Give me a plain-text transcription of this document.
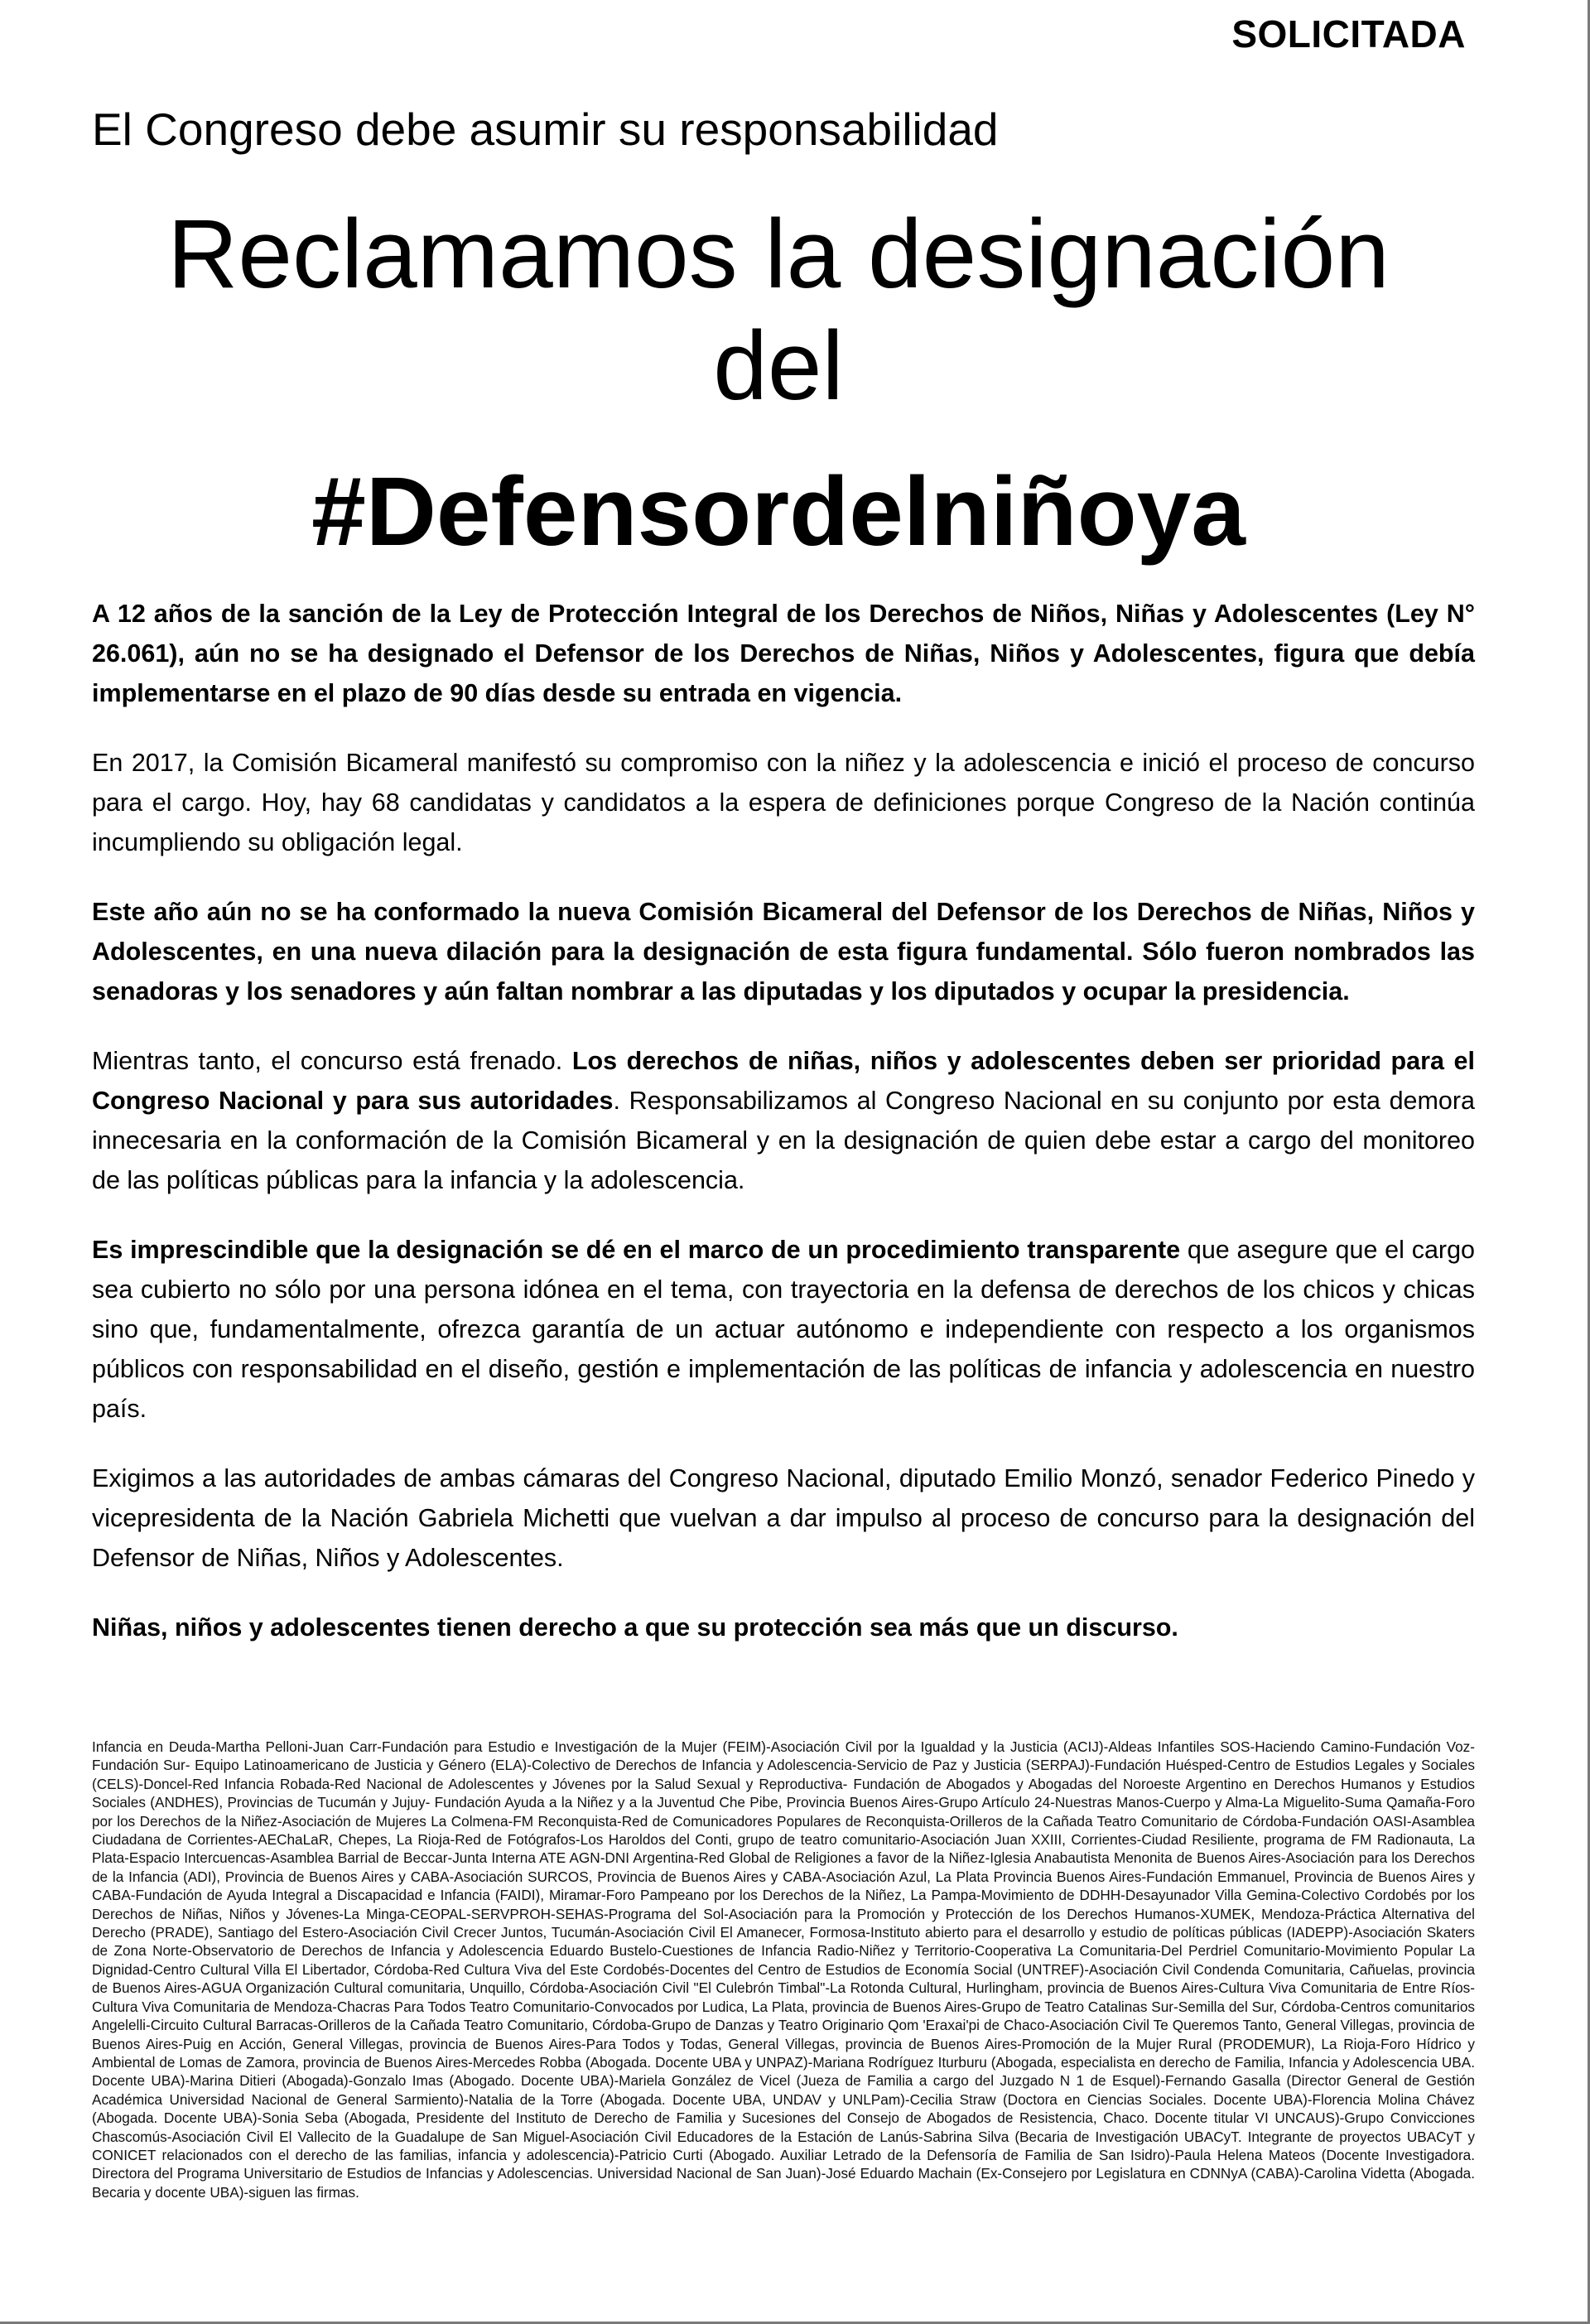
SOLICITADA
El Congreso debe asumir su responsabilidad
Reclamamos la designación
del
#Defensordelniñoya

A 12 años de la sanción de la Ley de Protección Integral de los Derechos de Niños, Niñas y Adolescentes (Ley N° 26.061), aún no se ha designado el Defensor de los Derechos de Niñas, Niños y Adolescentes, figura que debía implementarse en el plazo de 90 días desde su entrada en vigencia.

En 2017, la Comisión Bicameral manifestó su compromiso con la niñez y la adolescencia e inició el proceso de concurso para el cargo. Hoy, hay 68 candidatas y candidatos a la espera de definiciones porque Congreso de la Nación continúa incumpliendo su obligación legal.

Este año aún no se ha conformado la nueva Comisión Bicameral del Defensor de los Derechos de Niñas, Niños y Adolescentes, en una nueva dilación para la designación de esta figura fundamental. Sólo fueron nombrados las senadoras y los senadores y aún faltan nombrar a las diputadas y los diputados y ocupar la presidencia.

Mientras tanto, el concurso está frenado. Los derechos de niñas, niños y adolescentes deben ser prioridad para el Congreso Nacional y para sus autoridades. Responsabilizamos al Congreso Nacional en su conjunto por esta demora innecesaria en la conformación de la Comisión Bicameral y en la designación de quien debe estar a cargo del monitoreo de las políticas públicas para la infancia y la adolescencia.

Es imprescindible que la designación se dé en el marco de un procedimiento transparente que asegure que el cargo sea cubierto no sólo por una persona idónea en el tema, con trayectoria en la defensa de derechos de los chicos y chicas sino que, fundamentalmente, ofrezca garantía de un actuar autónomo e independiente con respecto a los organismos públicos con responsabilidad en el diseño, gestión e implementación de las políticas de infancia y adolescencia en nuestro país.

Exigimos a las autoridades de ambas cámaras del Congreso Nacional, diputado Emilio Monzó, senador Federico Pinedo y vicepresidenta de la Nación Gabriela Michetti que vuelvan a dar impulso al proceso de concurso para la designación del Defensor de Niñas, Niños y Adolescentes.

Niñas, niños y adolescentes tienen derecho a que su protección sea más que un discurso.

Infancia en Deuda-Martha Pelloni-Juan Carr-Fundación para Estudio e Investigación de la Mujer (FEIM)-Asociación Civil por la Igualdad y la Justicia (ACIJ)-Aldeas Infantiles SOS-Haciendo Camino-Fundación Voz-Fundación Sur- Equipo Latinoamericano de Justicia y Género (ELA)-Colectivo de Derechos de Infancia y Adolescencia-Servicio de Paz y Justicia (SERPAJ)-Fundación Huésped-Centro de Estudios Legales y Sociales (CELS)-Doncel-Red Infancia Robada-Red Nacional de Adolescentes y Jóvenes por la Salud Sexual y Reproductiva- Fundación de Abogados y Abogadas del Noroeste Argentino en Derechos Humanos y Estudios Sociales (ANDHES), Provincias de Tucumán y Jujuy- Fundación Ayuda a la Niñez y a la Juventud Che Pibe, Provincia Buenos Aires-Grupo Artículo 24-Nuestras Manos-Cuerpo y Alma-La Miguelito-Suma Qamaña-Foro por los Derechos de la Niñez-Asociación de Mujeres La Colmena-FM Reconquista-Red de Comunicadores Populares de Reconquista-Orilleros de la Cañada Teatro Comunitario de Córdoba-Fundación OASI-Asamblea Ciudadana de Corrientes-AEChaLaR, Chepes, La Rioja-Red de Fotógrafos-Los Haroldos del Conti, grupo de teatro comunitario-Asociación Juan XXIII, Corrientes-Ciudad Resiliente, programa de FM Radionauta, La Plata-Espacio Intercuencas-Asamblea Barrial de Beccar-Junta Interna ATE AGN-DNI Argentina-Red Global de Religiones a favor de la Niñez-Iglesia Anabautista Menonita de Buenos Aires-Asociación para los Derechos de la Infancia (ADI), Provincia de Buenos Aires y CABA-Asociación SURCOS, Provincia de Buenos Aires y CABA-Asociación Azul, La Plata Provincia Buenos Aires-Fundación Emmanuel, Provincia de Buenos Aires y CABA-Fundación de Ayuda Integral a Discapacidad e Infancia (FAIDI), Miramar-Foro Pampeano por los Derechos de la Niñez, La Pampa-Movimiento de DDHH-Desayunador Villa Gemina-Colectivo Cordobés por los Derechos de Niñas, Niños y Jóvenes-La Minga-CEOPAL-SERVPROH-SEHAS-Programa del Sol-Asociación para la Promoción y Protección de los Derechos Humanos-XUMEK, Mendoza-Práctica Alternativa del Derecho (PRADE), Santiago del Estero-Asociación Civil Crecer Juntos, Tucumán-Asociación Civil El Amanecer, Formosa-Instituto abierto para el desarrollo y estudio de políticas públicas (IADEPP)-Asociación Skaters de Zona Norte-Observatorio de Derechos de Infancia y Adolescencia Eduardo Bustelo-Cuestiones de Infancia Radio-Niñez y Territorio-Cooperativa La Comunitaria-Del Perdriel Comunitario-Movimiento Popular La Dignidad-Centro Cultural Villa El Libertador, Córdoba-Red Cultura Viva del Este Cordobés-Docentes del Centro de Estudios de Economía Social (UNTREF)-Asociación Civil Condenda Comunitaria, Cañuelas, provincia de Buenos Aires-AGUA Organización Cultural comunitaria, Unquillo, Córdoba-Asociación Civil "El Culebrón Timbal"-La Rotonda Cultural, Hurlingham, provincia de Buenos Aires-Cultura Viva Comunitaria de Entre Ríos-Cultura Viva Comunitaria de Mendoza-Chacras Para Todos Teatro Comunitario-Convocados por Ludica, La Plata, provincia de Buenos Aires-Grupo de Teatro Catalinas Sur-Semilla del Sur, Córdoba-Centros comunitarios Angelelli-Circuito Cultural Barracas-Orilleros de la Cañada Teatro Comunitario, Córdoba-Grupo de Danzas y Teatro Originario Qom 'Eraxai'pi de Chaco-Asociación Civil Te Queremos Tanto, General Villegas, provincia de Buenos Aires-Puig en Acción, General Villegas, provincia de Buenos Aires-Para Todos y Todas, General Villegas, provincia de Buenos Aires-Promoción de la Mujer Rural (PRODEMUR), La Rioja-Foro Hídrico y Ambiental de Lomas de Zamora, provincia de Buenos Aires-Mercedes Robba (Abogada. Docente UBA y UNPAZ)-Mariana Rodríguez Iturburu (Abogada, especialista en derecho de Familia, Infancia y Adolescencia UBA. Docente UBA)-Marina Ditieri (Abogada)-Gonzalo Imas (Abogado. Docente UBA)-Mariela González de Vicel (Jueza de Familia a cargo del Juzgado N 1 de Esquel)-Fernando Gasalla (Director General de Gestión Académica Universidad Nacional de General Sarmiento)-Natalia de la Torre (Abogada. Docente UBA, UNDAV y UNLPam)-Cecilia Straw (Doctora en Ciencias Sociales. Docente UBA)-Florencia Molina Chávez (Abogada. Docente UBA)-Sonia Seba (Abogada, Presidente del Instituto de Derecho de Familia y Sucesiones del Consejo de Abogados de Resistencia, Chaco. Docente titular VI UNCAUS)-Grupo Convicciones Chascomús-Asociación Civil El Vallecito de la Guadalupe de San Miguel-Asociación Civil Educadores de la Estación de Lanús-Sabrina Silva (Becaria de Investigación UBACyT. Integrante de proyectos UBACyT y CONICET relacionados con el derecho de las familias, infancia y adolescencia)-Patricio Curti (Abogado. Auxiliar Letrado de la Defensoría de Familia de San Isidro)-Paula Helena Mateos (Docente Investigadora. Directora del Programa Universitario de Estudios de Infancias y Adolescencias. Universidad Nacional de San Juan)-José Eduardo Machain (Ex-Consejero por Legislatura en CDNNyA (CABA)-Carolina Videtta (Abogada. Becaria y docente UBA)-siguen las firmas.
